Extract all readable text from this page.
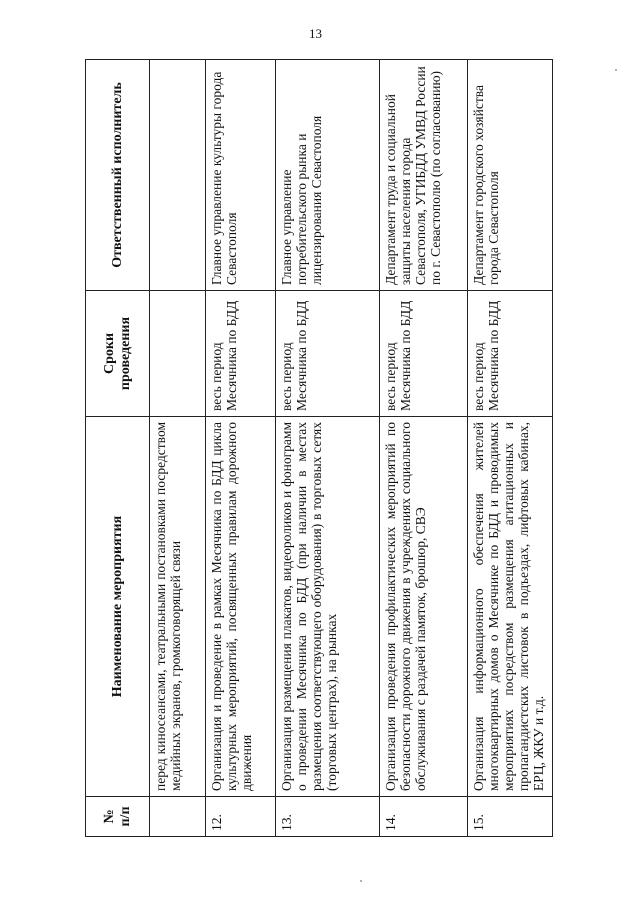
13
№ п/п	Наименование мероприятия	Сроки проведения	Ответственный исполнитель
	перед киносеансами, театральными постановками посредством медийных экранов, громкоговорящей связи		
12.	Организация и проведение в рамках Месячника по БДД цикла культурных мероприятий, посвященных правилам дорожного движения	весь период Месячника по БДД	Главное управление культуры города Севастополя
13.	Организация размещения плакатов, видеороликов и фонограмм о проведении Месячника по БДД (при наличии в местах размещения соответствующего оборудования) в торговых сетях (торговых центрах), на рынках	весь период Месячника по БДД	Главное управление потребительского рынка и лицензирования Севастополя
14.	Организация проведения профилактических мероприятий по безопасности дорожного движения в учреждениях социального обслуживания с раздачей памяток, брошюр, СВЭ	весь период Месячника по БДД	Департамент труда и социальной защиты населения города Севастополя, УГИБДД УМВД России по г. Севастополю (по согласованию)
15.	Организация информационного обеспечения жителей многоквартирных домов о Месячнике по БДД и проводимых мероприятиях посредством размещения агитационных и пропагандистских листовок в подъездах, лифтовых кабинах, ЕРЦ, ЖКУ и т.д.	весь период Месячника по БДД	Департамент городского хозяйства города Севастополя
